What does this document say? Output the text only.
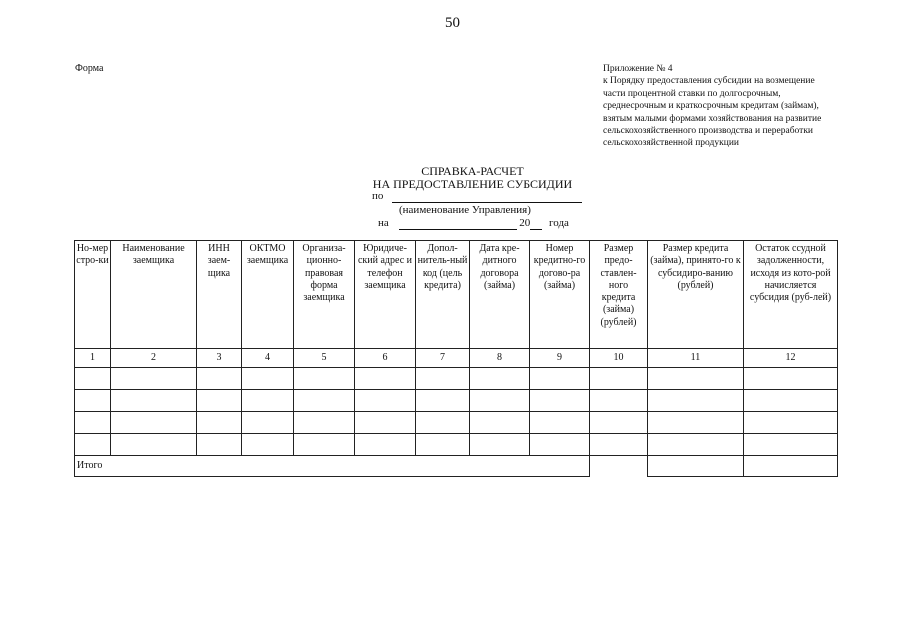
50
Форма	Приложение № 4
к Порядку предоставления субсидии на возмещение
части процентной ставки по долгосрочным,
среднесрочным и краткосрочным кредитам (займам),
взятым малыми формами хозяйствования на развитие
сельскохозяйственного производства и переработки
сельскохозяйственной продукции
СПРАВКА-РАСЧЕТ
НА ПРЕДОСТАВЛЕНИЕ СУБСИДИИ
по
(наименование Управления)
на	20 года
Но-мер стро-ки	Наименование заемщика	ИНН заем-щика	ОКТМО заемщика	Организа-ционно-правовая форма заемщика	Юридиче-ский адрес и телефон заемщика	Допол-нитель-ный код (цель кредита)	Дата кре-дитного договора (займа)	Номер кредитно-го догово-ра (займа)	Размер предо-ставлен-ного кредита (займа) (рублей)	Размер кредита (займа), принято-го к субсидиро-ванию (рублей)	Остаток ссудной задолженности, исходя из кото-рой начисляется субсидия (руб-лей)
1	2	3	4	5	6	7	8	9	10	11	12

Итого											
